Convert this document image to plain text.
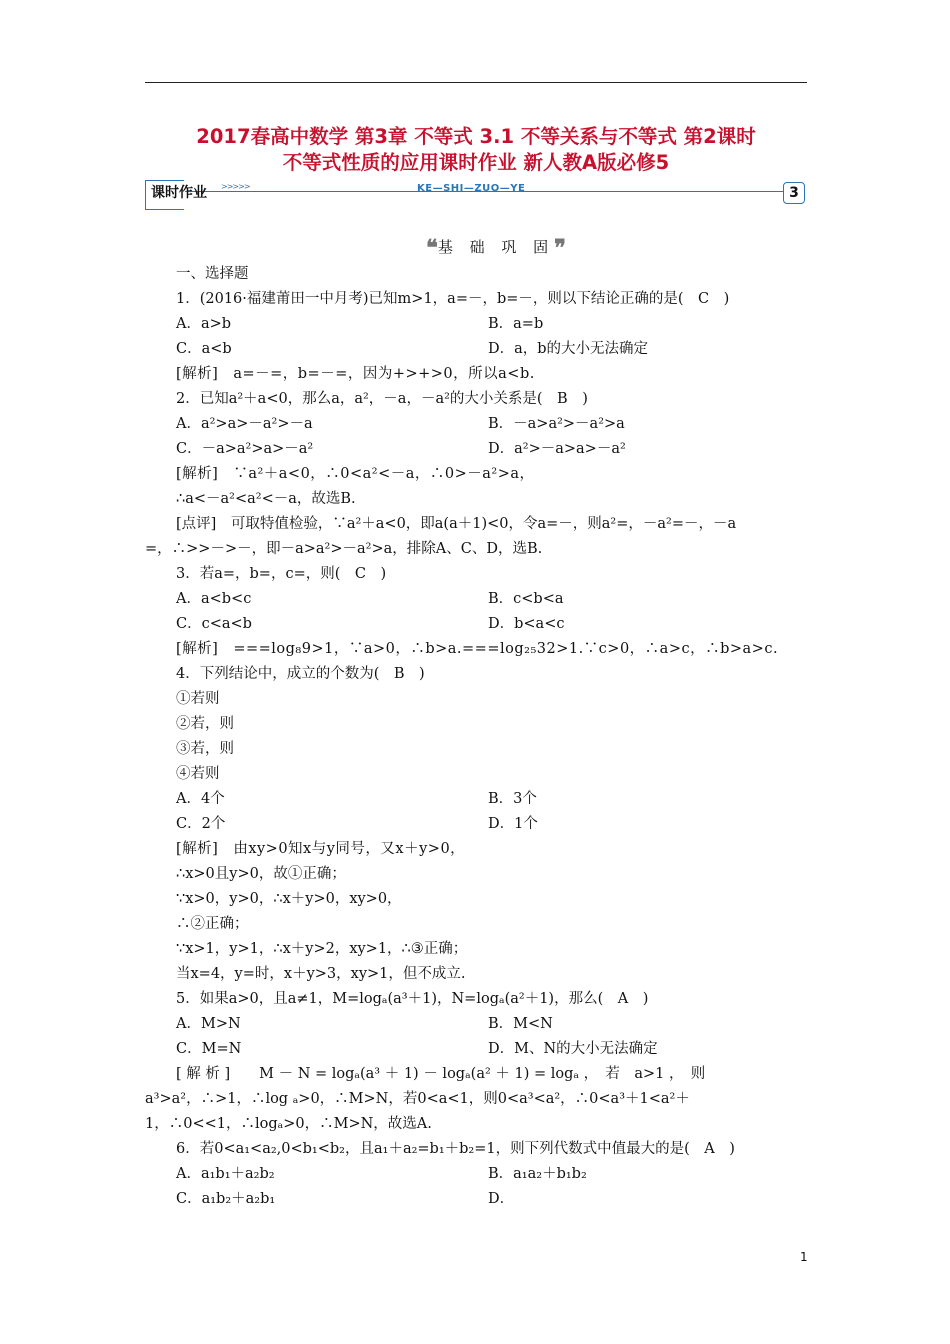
2017春高中数学 第3章 不等式 3.1 不等关系与不等式 第2课时
不等式性质的应用课时作业 新人教A版必修5
课时作业 >>>>>	KE—SHI—ZUO—YE	3
❝基 础 巩 固❞
一、选择题
1．(2016·福建莆田一中月考)已知m>1，a=－，b=－，则以下结论正确的是(　C　)
A．a>b	B．a=b
C．a<b	D．a，b的大小无法确定
[解析]　a=－=，b=－=，因为+>+>0，所以a<b.
2．已知a²＋a<0，那么a，a²，－a，－a²的大小关系是(　B　)
A．a²>a>－a²>－a	B．－a>a²>－a²>a
C．－a>a²>a>－a²	D．a²>－a>a>－a²
[解析]　∵a²＋a<0，∴0<a²<－a，∴0>－a²>a，
∴a<－a²<a²<－a，故选B.
[点评]　可取特值检验，∵a²＋a<0，即a(a＋1)<0，令a=－，则a²=，－a²=－，－a
=，∴>>－>－，即－a>a²>－a²>a，排除A、C、D，选B.
3．若a=，b=，c=，则(　C　)
A．a<b<c	B．c<b<a
C．c<a<b	D．b<a<c
[解析]　===log₈9>1，∵a>0，∴b>a.===log₂₅32>1.∵c>0，∴a>c，∴b>a>c.
4．下列结论中，成立的个数为(　B　)
①若则
②若，则
③若，则
④若则
A．4个	B．3个
C．2个	D．1个
[解析]　由xy>0知x与y同号，又x＋y>0，
∴x>0且y>0，故①正确；
∵x>0，y>0，∴x＋y>0，xy>0，
∴②正确；
∵x>1，y>1，∴x＋y>2，xy>1，∴③正确；
当x=4，y=时，x＋y>3，xy>1，但不成立.
5．如果a>0，且a≠1，M=logₐ(a³＋1)，N=logₐ(a²＋1)，那么(　A　)
A．M>N	B．M<N
C．M=N	D．M、N的大小无法确定
[ 解 析 ]　　M － N = logₐ(a³ ＋ 1) － logₐ(a² ＋ 1) = logₐ ，　若　a>1 ，　则
a³>a²，∴>1，∴log ₐ>0，∴M>N，若0<a<1，则0<a³<a²，∴0<a³＋1<a²＋
1，∴0<<1，∴logₐ>0，∴M>N，故选A.
6．若0<a₁<a₂,0<b₁<b₂，且a₁＋a₂=b₁＋b₂=1，则下列代数式中值最大的是(　A　)
A．a₁b₁＋a₂b₂	B．a₁a₂＋b₁b₂
C．a₁b₂＋a₂b₁	D．
1
